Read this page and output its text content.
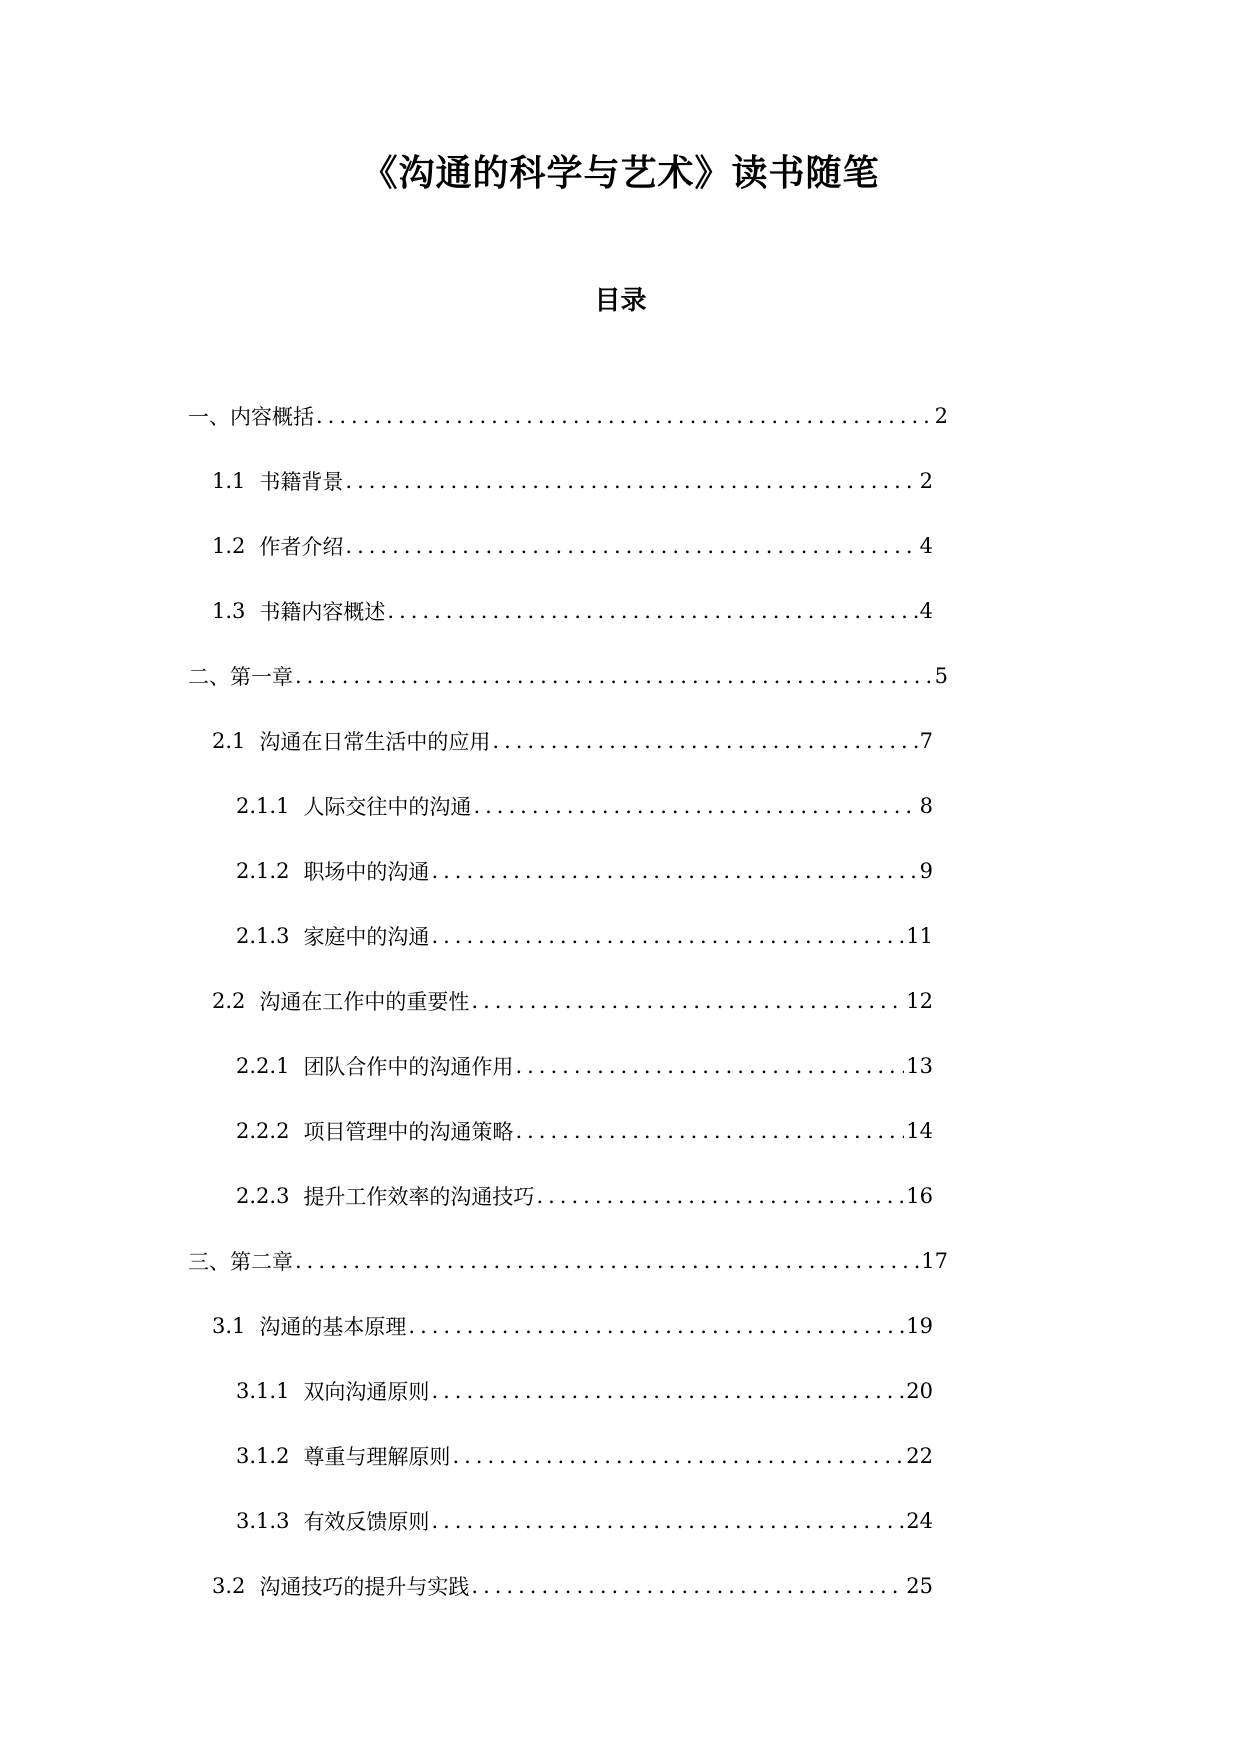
《沟通的科学与艺术》读书随笔
目录
一、内容概括 .....	2
1.1 书籍背景 .....	2
1.2 作者介绍 .....	4
1.3 书籍内容概述 .....	4
二、第一章 .....	5
2.1 沟通在日常生活中的应用 .....	7
2.1.1 人际交往中的沟通 .....	8
2.1.2 职场中的沟通 .....	9
2.1.3 家庭中的沟通 .....	11
2.2 沟通在工作中的重要性 .....	12
2.2.1 团队合作中的沟通作用 .....	13
2.2.2 项目管理中的沟通策略 .....	14
2.2.3 提升工作效率的沟通技巧 .....	16
三、第二章 .....	17
3.1 沟通的基本原理 .....	19
3.1.1 双向沟通原则 .....	20
3.1.2 尊重与理解原则 .....	22
3.1.3 有效反馈原则 .....	24
3.2 沟通技巧的提升与实践 .....	25
